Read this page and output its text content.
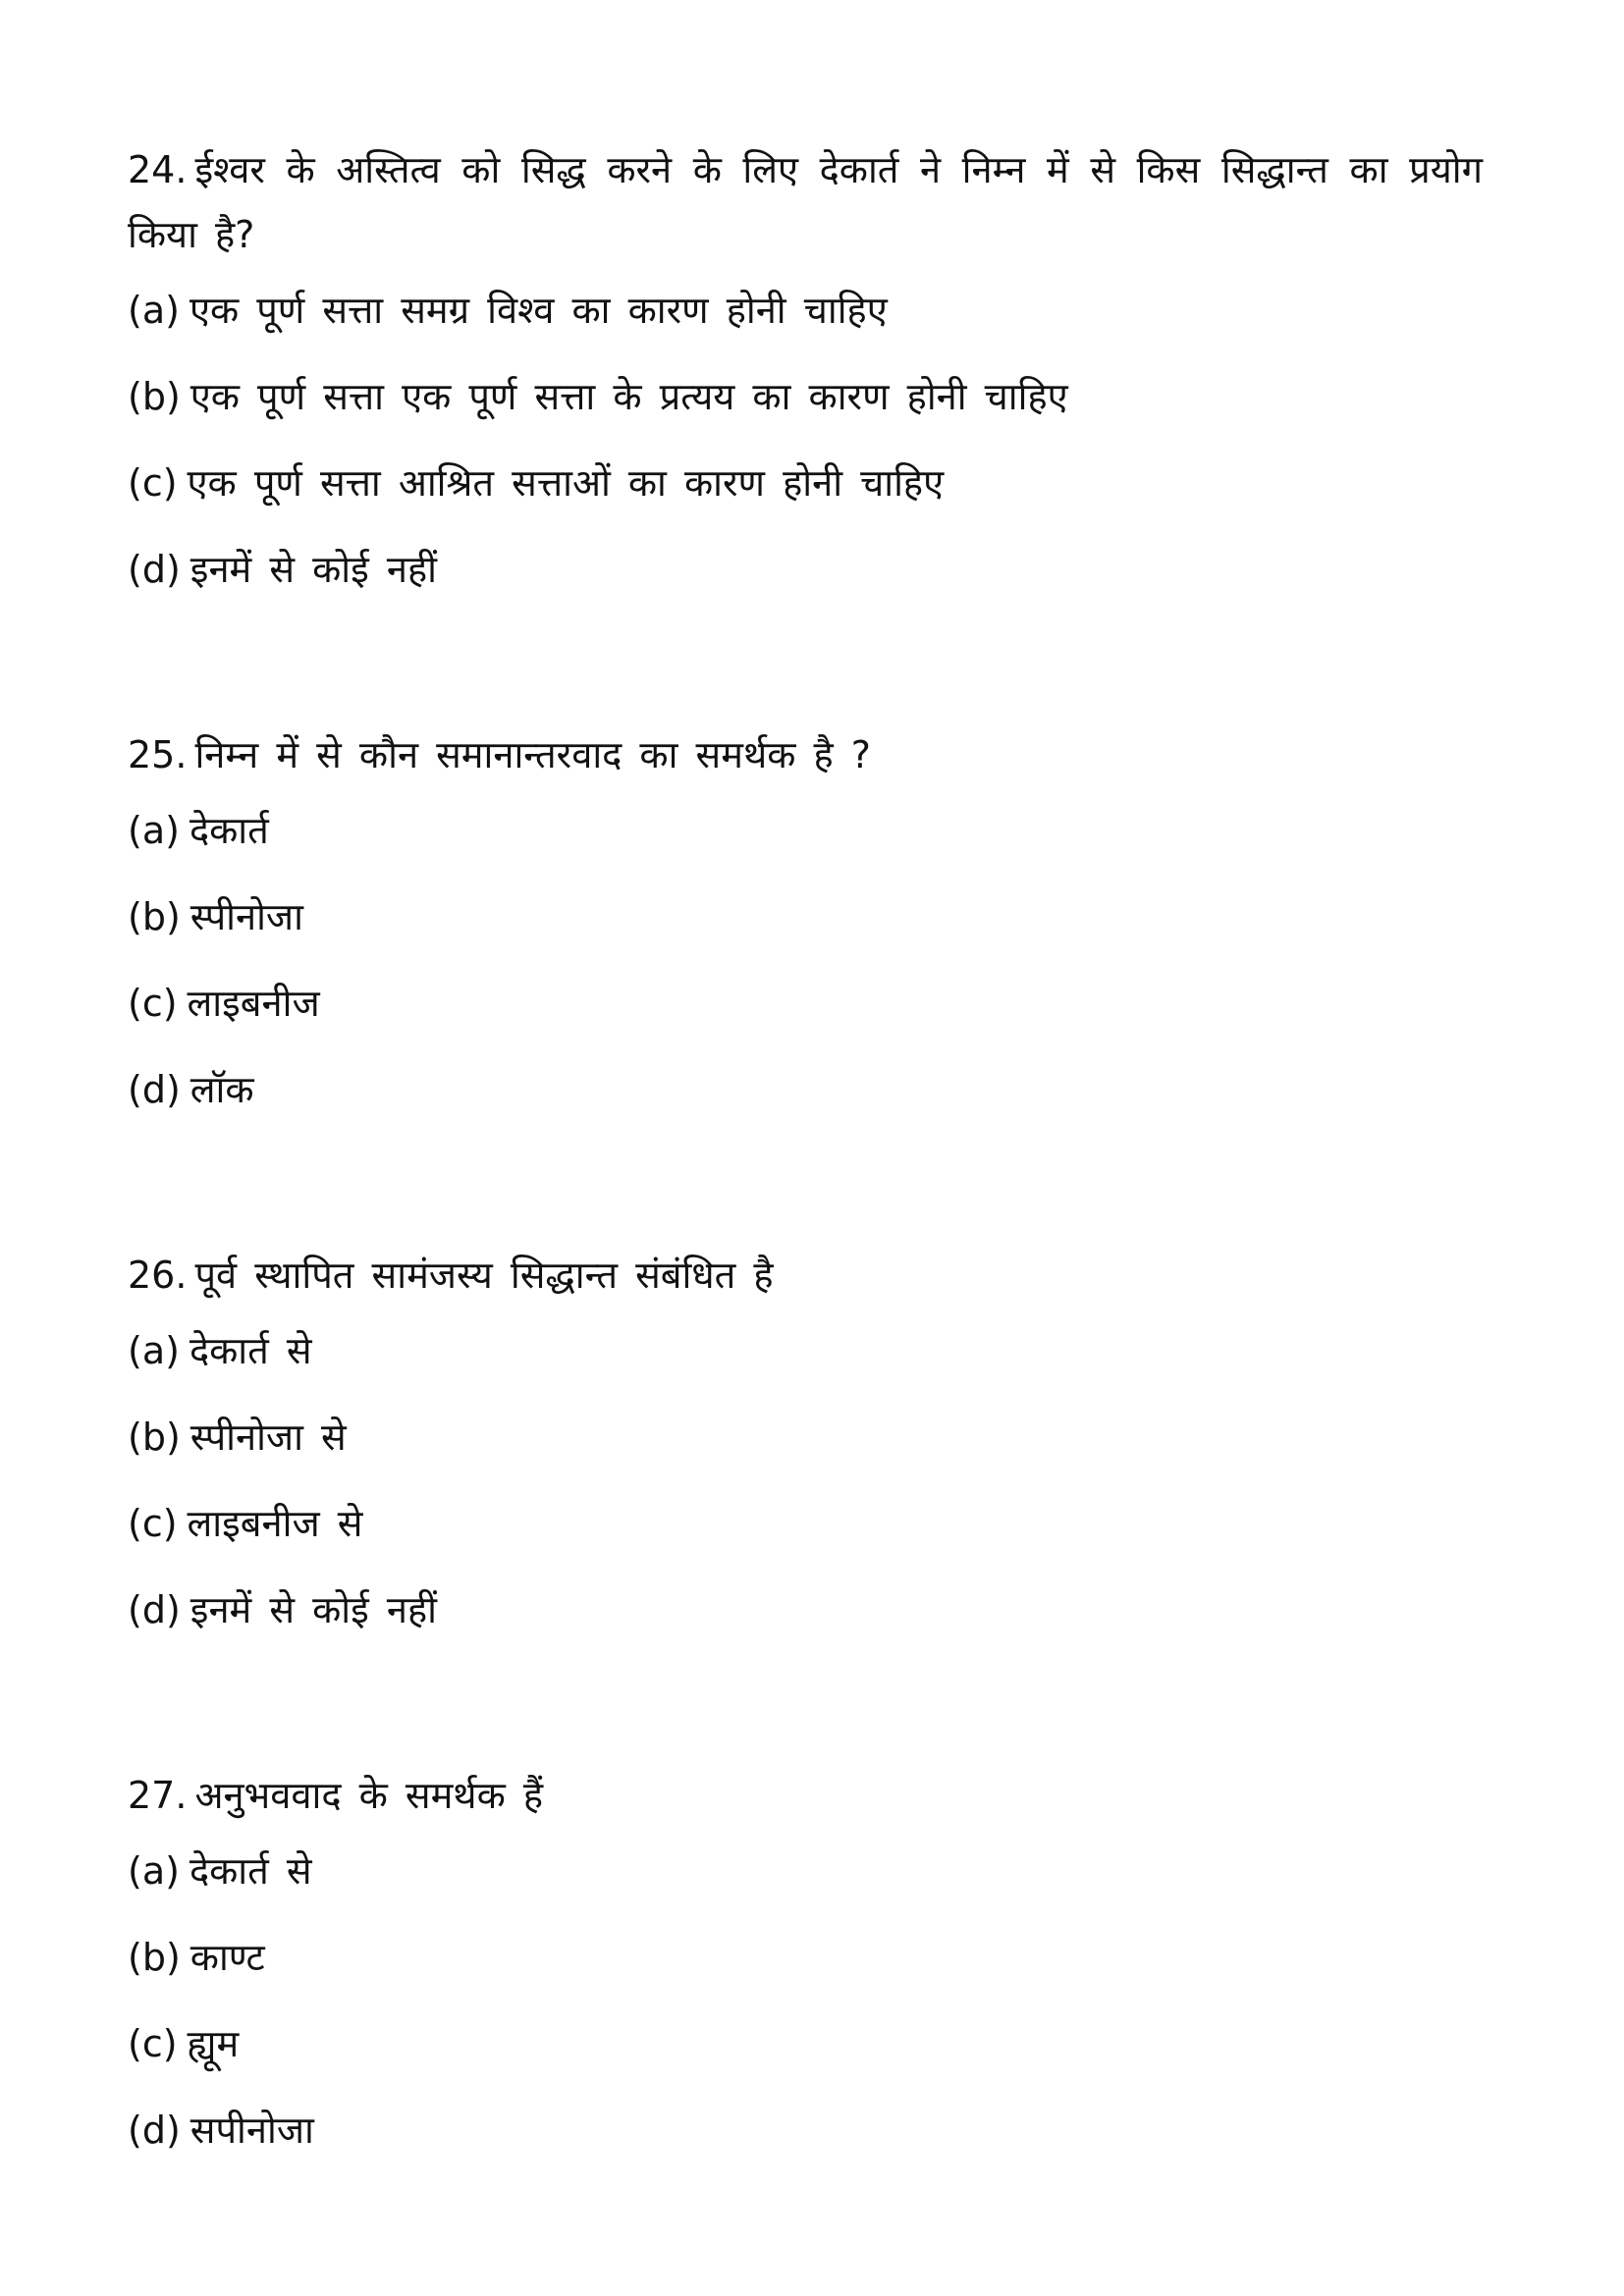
24. ईश्वर के अस्तित्व को सिद्ध करने के लिए देकार्त ने निम्न में से किस सिद्धान्त का प्रयोग किया है?

(a) एक पूर्ण सत्ता समग्र विश्व का कारण होनी चाहिए
(b) एक पूर्ण सत्ता एक पूर्ण सत्ता के प्रत्यय का कारण होनी चाहिए
(c) एक पूर्ण सत्ता आश्रित सत्ताओं का कारण होनी चाहिए
(d) इनमें से कोई नहीं

25. निम्न में से कौन समानान्तरवाद का समर्थक है ?

(a) देकार्त
(b) स्पीनोजा
(c) लाइबनीज
(d) लॉक

26. पूर्व स्थापित सामंजस्य सिद्धान्त संबंधित है

(a) देकार्त से
(b) स्पीनोजा से
(c) लाइबनीज से
(d) इनमें से कोई नहीं

27. अनुभववाद के समर्थक हैं

(a) देकार्त से
(b) काण्ट
(c) ह्यूम
(d) सपीनोजा
